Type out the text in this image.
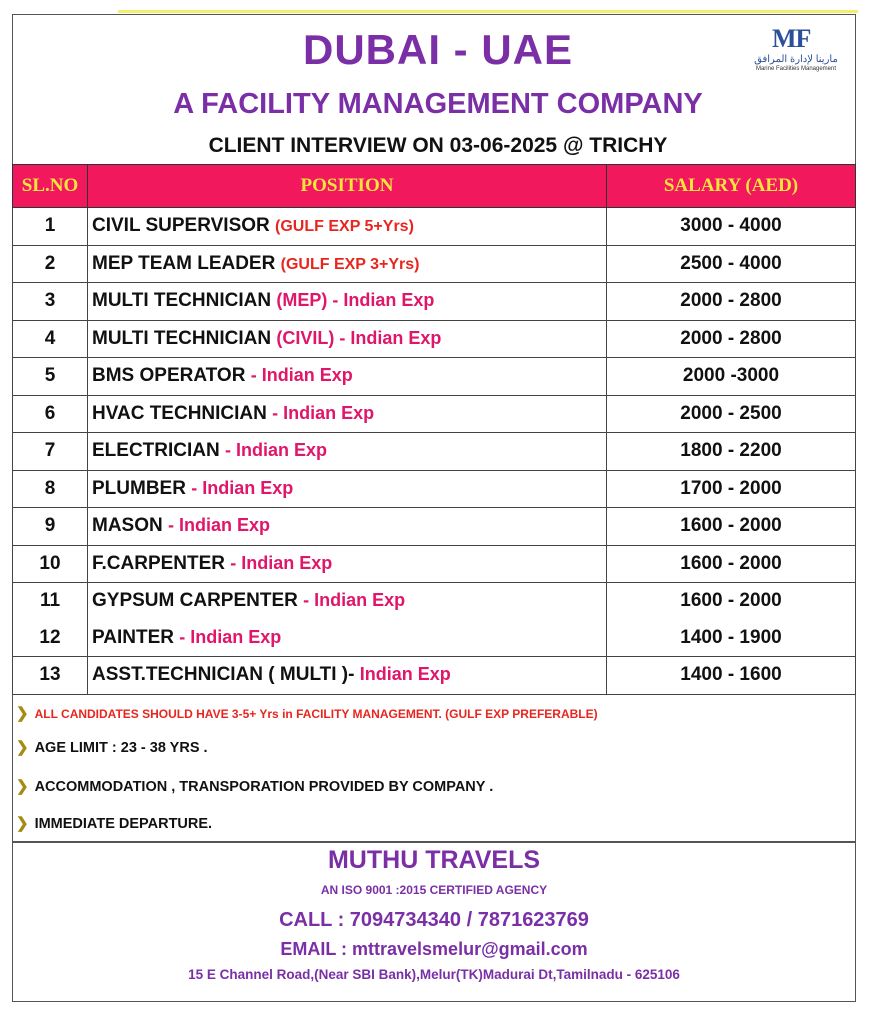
DUBAI - UAE
A FACILITY MANAGEMENT COMPANY
CLIENT INTERVIEW ON 03-06-2025 @ TRICHY
MF
مارينا لإدارة المرافق
Marine Facilities Management
SL.NO	POSITION	SALARY (AED)
1	CIVIL SUPERVISOR (GULF EXP 5+Yrs)	3000 - 4000
2	MEP TEAM LEADER (GULF EXP 3+Yrs)	2500 - 4000
3	MULTI TECHNICIAN (MEP) - Indian Exp	2000 - 2800
4	MULTI TECHNICIAN (CIVIL) - Indian Exp	2000 - 2800
5	BMS OPERATOR - Indian Exp	2000 -3000
6	HVAC TECHNICIAN - Indian Exp	2000 - 2500
7	ELECTRICIAN - Indian Exp	1800 - 2200
8	PLUMBER - Indian Exp	1700 - 2000
9	MASON - Indian Exp	1600 - 2000
10	F.CARPENTER - Indian Exp	1600 - 2000
11	GYPSUM CARPENTER - Indian Exp	1600 - 2000
12	PAINTER - Indian Exp	1400 - 1900
13	ASST.TECHNICIAN ( MULTI )- Indian Exp	1400 - 1600
❯ ALL CANDIDATES SHOULD HAVE 3-5+ Yrs in FACILITY MANAGEMENT. (GULF EXP PREFERABLE)
❯ AGE LIMIT : 23 - 38 YRS .
❯ ACCOMMODATION , TRANSPORATION PROVIDED BY COMPANY .
❯ IMMEDIATE DEPARTURE.
MUTHU TRAVELS
AN ISO 9001 :2015 CERTIFIED AGENCY
CALL : 7094734340 / 7871623769
EMAIL : mttravelsmelur@gmail.com
15 E Channel Road,(Near SBI Bank),Melur(TK)Madurai Dt,Tamilnadu - 625106
